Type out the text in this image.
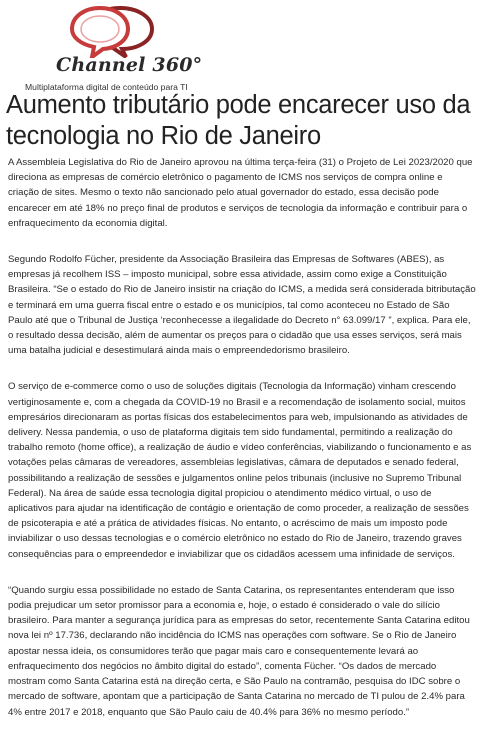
Channel 360°
Multiplataforma digital de conteúdo para TI
Aumento tributário pode encarecer uso da tecnologia no Rio de Janeiro

A Assembleia Legislativa do Rio de Janeiro aprovou na última terça-feira (31) o Projeto de Lei 2023/2020 que direciona as empresas de comércio eletrônico o pagamento de ICMS nos serviços de compra online e criação de sites. Mesmo o texto não sancionado pelo atual governador do estado, essa decisão pode encarecer em até 18% no preço final de produtos e serviços de tecnologia da informação e contribuir para o enfraquecimento da economia digital.

Segundo Rodolfo Fücher, presidente da Associação Brasileira das Empresas de Softwares (ABES), as empresas já recolhem ISS – imposto municipal, sobre essa atividade, assim como exige a Constituição Brasileira. “Se o estado do Rio de Janeiro insistir na criação do ICMS, a medida será considerada bitributação e terminará em uma guerra fiscal entre o estado e os municípios, tal como aconteceu no Estado de São Paulo até que o Tribunal de Justiça ‘reconhecesse a ilegalidade do Decreto n° 63.099/17 ”, explica. Para ele, o resultado dessa decisão, além de aumentar os preços para o cidadão que usa esses serviços, será mais uma batalha judicial e desestimulará ainda mais o empreendedorismo brasileiro.

O serviço de e-commerce como o uso de soluções digitais (Tecnologia da Informação) vinham crescendo vertiginosamente e, com a chegada da COVID-19 no Brasil e a recomendação de isolamento social, muitos empresários direcionaram as portas físicas dos estabelecimentos para web, impulsionando as atividades de delivery. Nessa pandemia, o uso de plataforma digitais tem sido fundamental, permitindo a realização do trabalho remoto (home office), a realização de áudio e vídeo conferências, viabilizando o funcionamento e as votações pelas câmaras de vereadores, assembleias legislativas, câmara de deputados e senado federal, possibilitando a realização de sessões e julgamentos online pelos tribunais (inclusive no Supremo Tribunal Federal). Na área de saúde essa tecnologia digital propiciou o atendimento médico virtual, o uso de aplicativos para ajudar na identificação de contágio e orientação de como proceder, a realização de sessões de psicoterapia e até a prática de atividades físicas. No entanto, o acréscimo de mais um imposto pode inviabilizar o uso dessas tecnologias e o comércio eletrônico no estado do Rio de Janeiro, trazendo graves consequências para o empreendedor e inviabilizar que os cidadãos acessem uma infinidade de serviços.

“Quando surgiu essa possibilidade no estado de Santa Catarina, os representantes entenderam que isso podia prejudicar um setor promissor para a economia e, hoje, o estado é considerado o vale do silício brasileiro. Para manter a segurança jurídica para as empresas do setor, recentemente Santa Catarina editou nova lei nº 17.736, declarando não incidência do ICMS nas operações com software. Se o Rio de Janeiro apostar nessa ideia, os consumidores terão que pagar mais caro e consequentemente levará ao enfraquecimento dos negócios no âmbito digital do estado”, comenta Fücher. “Os dados de mercado mostram como Santa Catarina está na direção certa, e São Paulo na contramão, pesquisa do IDC sobre o mercado de software, apontam que a participação de Santa Catarina no mercado de TI pulou de 2.4% para 4% entre 2017 e 2018, enquanto que São Paulo caiu de 40.4% para 36% no mesmo período.”
